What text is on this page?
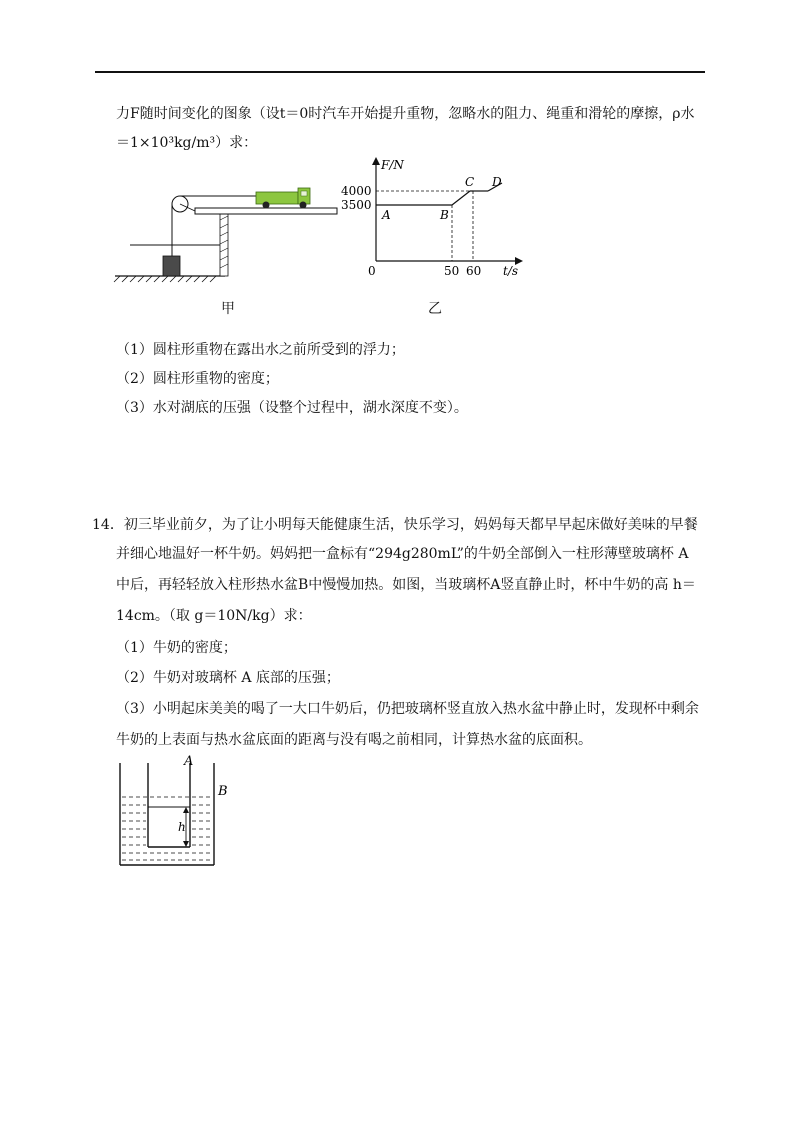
力F随时间变化的图象（设t＝0时汽车开始提升重物，忽略水的阻力、绳重和滑轮的摩擦，ρ水
＝1×10³kg/m³）求：
甲
F/N
t/s
0
4000
3500
50 60
A	B
C D
乙
（1）圆柱形重物在露出水之前所受到的浮力；
（2）圆柱形重物的密度；
（3）水对湖底的压强（设整个过程中，湖水深度不变）。
14．初三毕业前夕，为了让小明每天能健康生活，快乐学习，妈妈每天都早早起床做好美味的早餐
并细心地温好一杯牛奶。妈妈把一盒标有“294g280mL”的牛奶全部倒入一柱形薄壁玻璃杯 A
中后，再轻轻放入柱形热水盆B中慢慢加热。如图，当玻璃杯A竖直静止时，杯中牛奶的高 h＝
14cm。（取 g＝10N/kg）求：
（1）牛奶的密度；
（2）牛奶对玻璃杯 A 底部的压强；
（3）小明起床美美的喝了一大口牛奶后，仍把玻璃杯竖直放入热水盆中静止时，发现杯中剩余
牛奶的上表面与热水盆底面的距离与没有喝之前相同，计算热水盆的底面积。
A
B
h
